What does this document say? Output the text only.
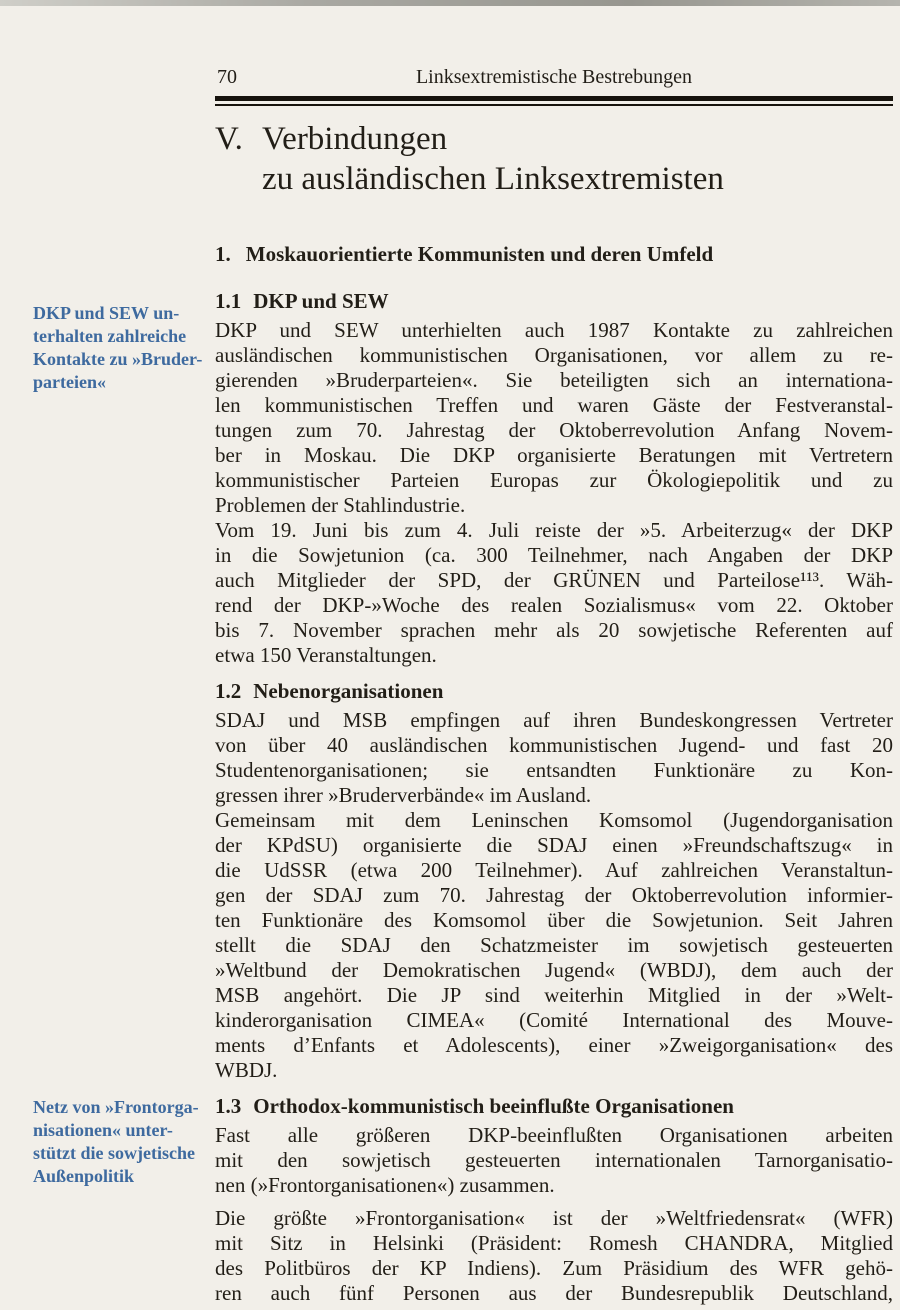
DKP und SEW un-
terhalten zahlreiche
Kontakte zu »Bruder-
parteien«
Netz von »Frontorga-
nisationen« unter-
stützt die sowjetische
Außenpolitik
70	Linksextremistische Bestrebungen
V. Verbindungen
zu ausländischen Linksextremisten
1. Moskauorientierte Kommunisten und deren Umfeld
1.1 DKP und SEW
DKP und SEW unterhielten auch 1987 Kontakte zu zahlreichen
ausländischen kommunistischen Organisationen, vor allem zu re-
gierenden »Bruderparteien«. Sie beteiligten sich an internationa-
len kommunistischen Treffen und waren Gäste der Festveranstal-
tungen zum 70. Jahrestag der Oktoberrevolution Anfang Novem-
ber in Moskau. Die DKP organisierte Beratungen mit Vertretern
kommunistischer Parteien Europas zur Ökologiepolitik und zu
Problemen der Stahlindustrie.
Vom 19. Juni bis zum 4. Juli reiste der »5. Arbeiterzug« der DKP
in die Sowjetunion (ca. 300 Teilnehmer, nach Angaben der DKP
auch Mitglieder der SPD, der GRÜNEN und Parteilose¹¹³. Wäh-
rend der DKP-»Woche des realen Sozialismus« vom 22. Oktober
bis 7. November sprachen mehr als 20 sowjetische Referenten auf
etwa 150 Veranstaltungen.
1.2 Nebenorganisationen
SDAJ und MSB empfingen auf ihren Bundeskongressen Vertreter
von über 40 ausländischen kommunistischen Jugend- und fast 20
Studentenorganisationen; sie entsandten Funktionäre zu Kon-
gressen ihrer »Bruderverbände« im Ausland.
Gemeinsam mit dem Leninschen Komsomol (Jugendorganisation
der KPdSU) organisierte die SDAJ einen »Freundschaftszug« in
die UdSSR (etwa 200 Teilnehmer). Auf zahlreichen Veranstaltun-
gen der SDAJ zum 70. Jahrestag der Oktoberrevolution informier-
ten Funktionäre des Komsomol über die Sowjetunion. Seit Jahren
stellt die SDAJ den Schatzmeister im sowjetisch gesteuerten
»Weltbund der Demokratischen Jugend« (WBDJ), dem auch der
MSB angehört. Die JP sind weiterhin Mitglied in der »Welt-
kinderorganisation CIMEA« (Comité International des Mouve-
ments d’Enfants et Adolescents), einer »Zweigorganisation« des
WBDJ.
1.3 Orthodox-kommunistisch beeinflußte Organisationen
Fast alle größeren DKP-beeinflußten Organisationen arbeiten
mit den sowjetisch gesteuerten internationalen Tarnorganisatio-
nen (»Frontorganisationen«) zusammen.
Die größte »Frontorganisation« ist der »Weltfriedensrat« (WFR)
mit Sitz in Helsinki (Präsident: Romesh CHANDRA, Mitglied
des Politbüros der KP Indiens). Zum Präsidium des WFR gehö-
ren auch fünf Personen aus der Bundesrepublik Deutschland,
